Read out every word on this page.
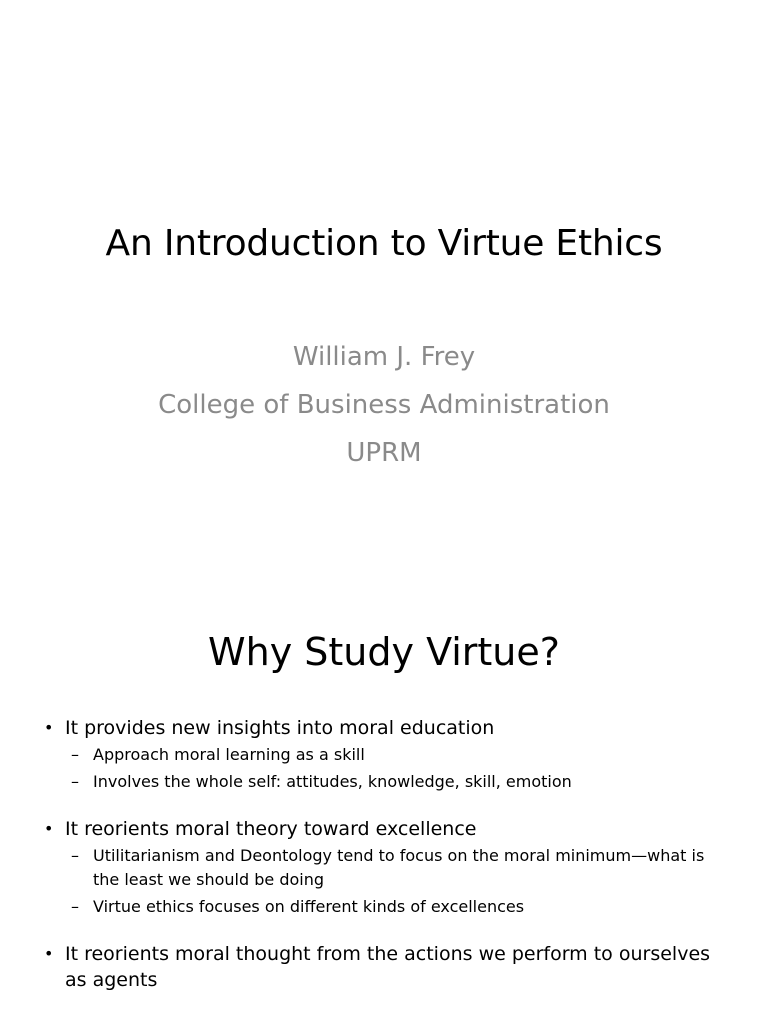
An Introduction to Virtue Ethics
William J. Frey
College of Business Administration
UPRM
Why Study Virtue?
• It provides new insights into moral education
– Approach moral learning as a skill
– Involves the whole self: attitudes, knowledge, skill, emotion
• It reorients moral theory toward excellence
– Utilitarianism and Deontology tend to focus on the moral minimum—what is the least we should be doing
– Virtue ethics focuses on different kinds of excellences
• It reorients moral thought from the actions we perform to ourselves as agents
